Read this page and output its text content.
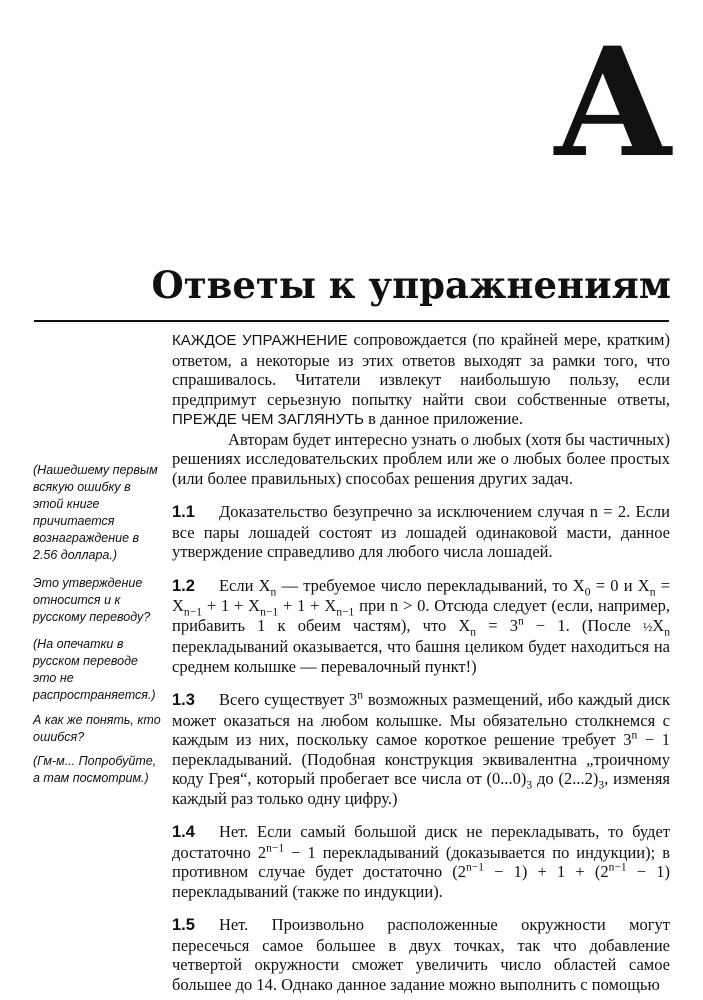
A
Ответы к упражнениям
(Нашедшему первым всякую ошибку в этой книге причитается вознаграждение в 2.56 доллара.)
Это утверждение относится и к русскому переводу?
(На опечатки в русском переводе это не распространяется.)
А как же понять, кто ошибся?
(Гм-м... Попробуйте, а там посмотрим.)

КАЖДОЕ УПРАЖНЕНИЕ сопровождается (по крайней мере, кратким) ответом, а некоторые из этих ответов выходят за рамки того, что спрашивалось. Читатели извлекут наибольшую пользу, если предпримут серьезную попытку найти свои собственные ответы, ПРЕЖДЕ ЧЕМ ЗАГЛЯНУТЬ в данное приложение.

Авторам будет интересно узнать о любых (хотя бы частичных) решениях исследовательских проблем или же о любых более простых (или более правильных) способах решения других задач.

1.1 Доказательство безупречно за исключением случая n = 2. Если все пары лошадей состоят из лошадей одинаковой масти, данное утверждение справедливо для любого числа лошадей.

1.2 Если $X_n$ — требуемое число перекладываний, то $X_0 = 0$ и $X_n = X_{n-1} + 1 + X_{n-1} + 1 + X_{n-1}$ при n > 0. Отсюда следует (если, например, прибавить 1 к обеим частям), что $X_n = 3^n - 1$. (После $\frac{1}{2}X_n$ перекладываний оказывается, что башня целиком будет находиться на среднем колышке — перевалочный пункт!)

1.3 Всего существует 3$^n$ возможных размещений, ибо каждый диск может оказаться на любом колышке. Мы обязательно столкнемся с каждым из них, поскольку самое короткое решение требует $3^n - 1$ перекладываний. (Подобная конструкция эквивалентна „троичному коду Грея“, который пробегает все числа от $(0...0)_3$ до $(2...2)_3$, изменяя каждый раз только одну цифру.)

1.4 Нет. Если самый большой диск не перекладывать, то будет достаточно $2^{n-1} - 1$ перекладываний (доказывается по индукции); в противном случае будет достаточно $(2^{n-1} - 1) + 1 + (2^{n-1} - 1)$ перекладываний (также по индукции).

1.5 Нет. Произвольно расположенные окружности могут пересечься самое большее в двух точках, так что добавление четвертой окружности сможет увеличить число областей самое большее до 14. Однако данное задание можно выполнить с помощью
